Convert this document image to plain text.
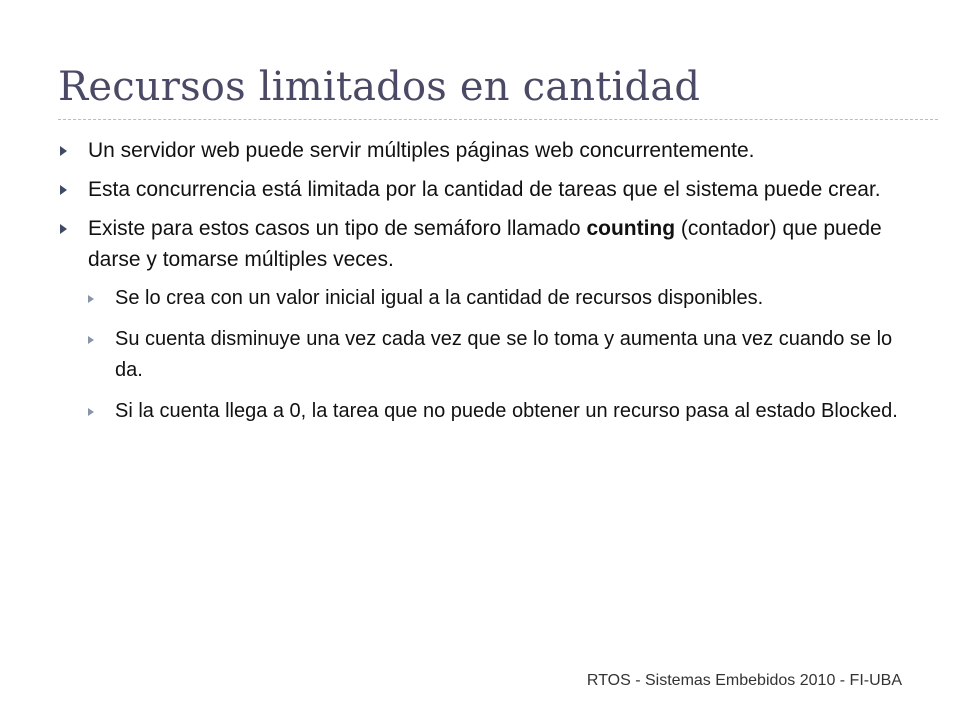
Recursos limitados en cantidad
Un servidor web puede servir múltiples páginas web concurrentemente.
Esta concurrencia está limitada por la cantidad de tareas que el sistema puede crear.
Existe para estos casos un tipo de semáforo llamado counting (contador) que puede darse y tomarse múltiples veces.
Se lo crea con un valor inicial igual a la cantidad de recursos disponibles.
Su cuenta disminuye una vez cada vez que se lo toma y aumenta una vez cuando se lo da.
Si la cuenta llega a 0, la tarea que no puede obtener un recurso pasa al estado Blocked.
RTOS - Sistemas Embebidos 2010 - FI-UBA
